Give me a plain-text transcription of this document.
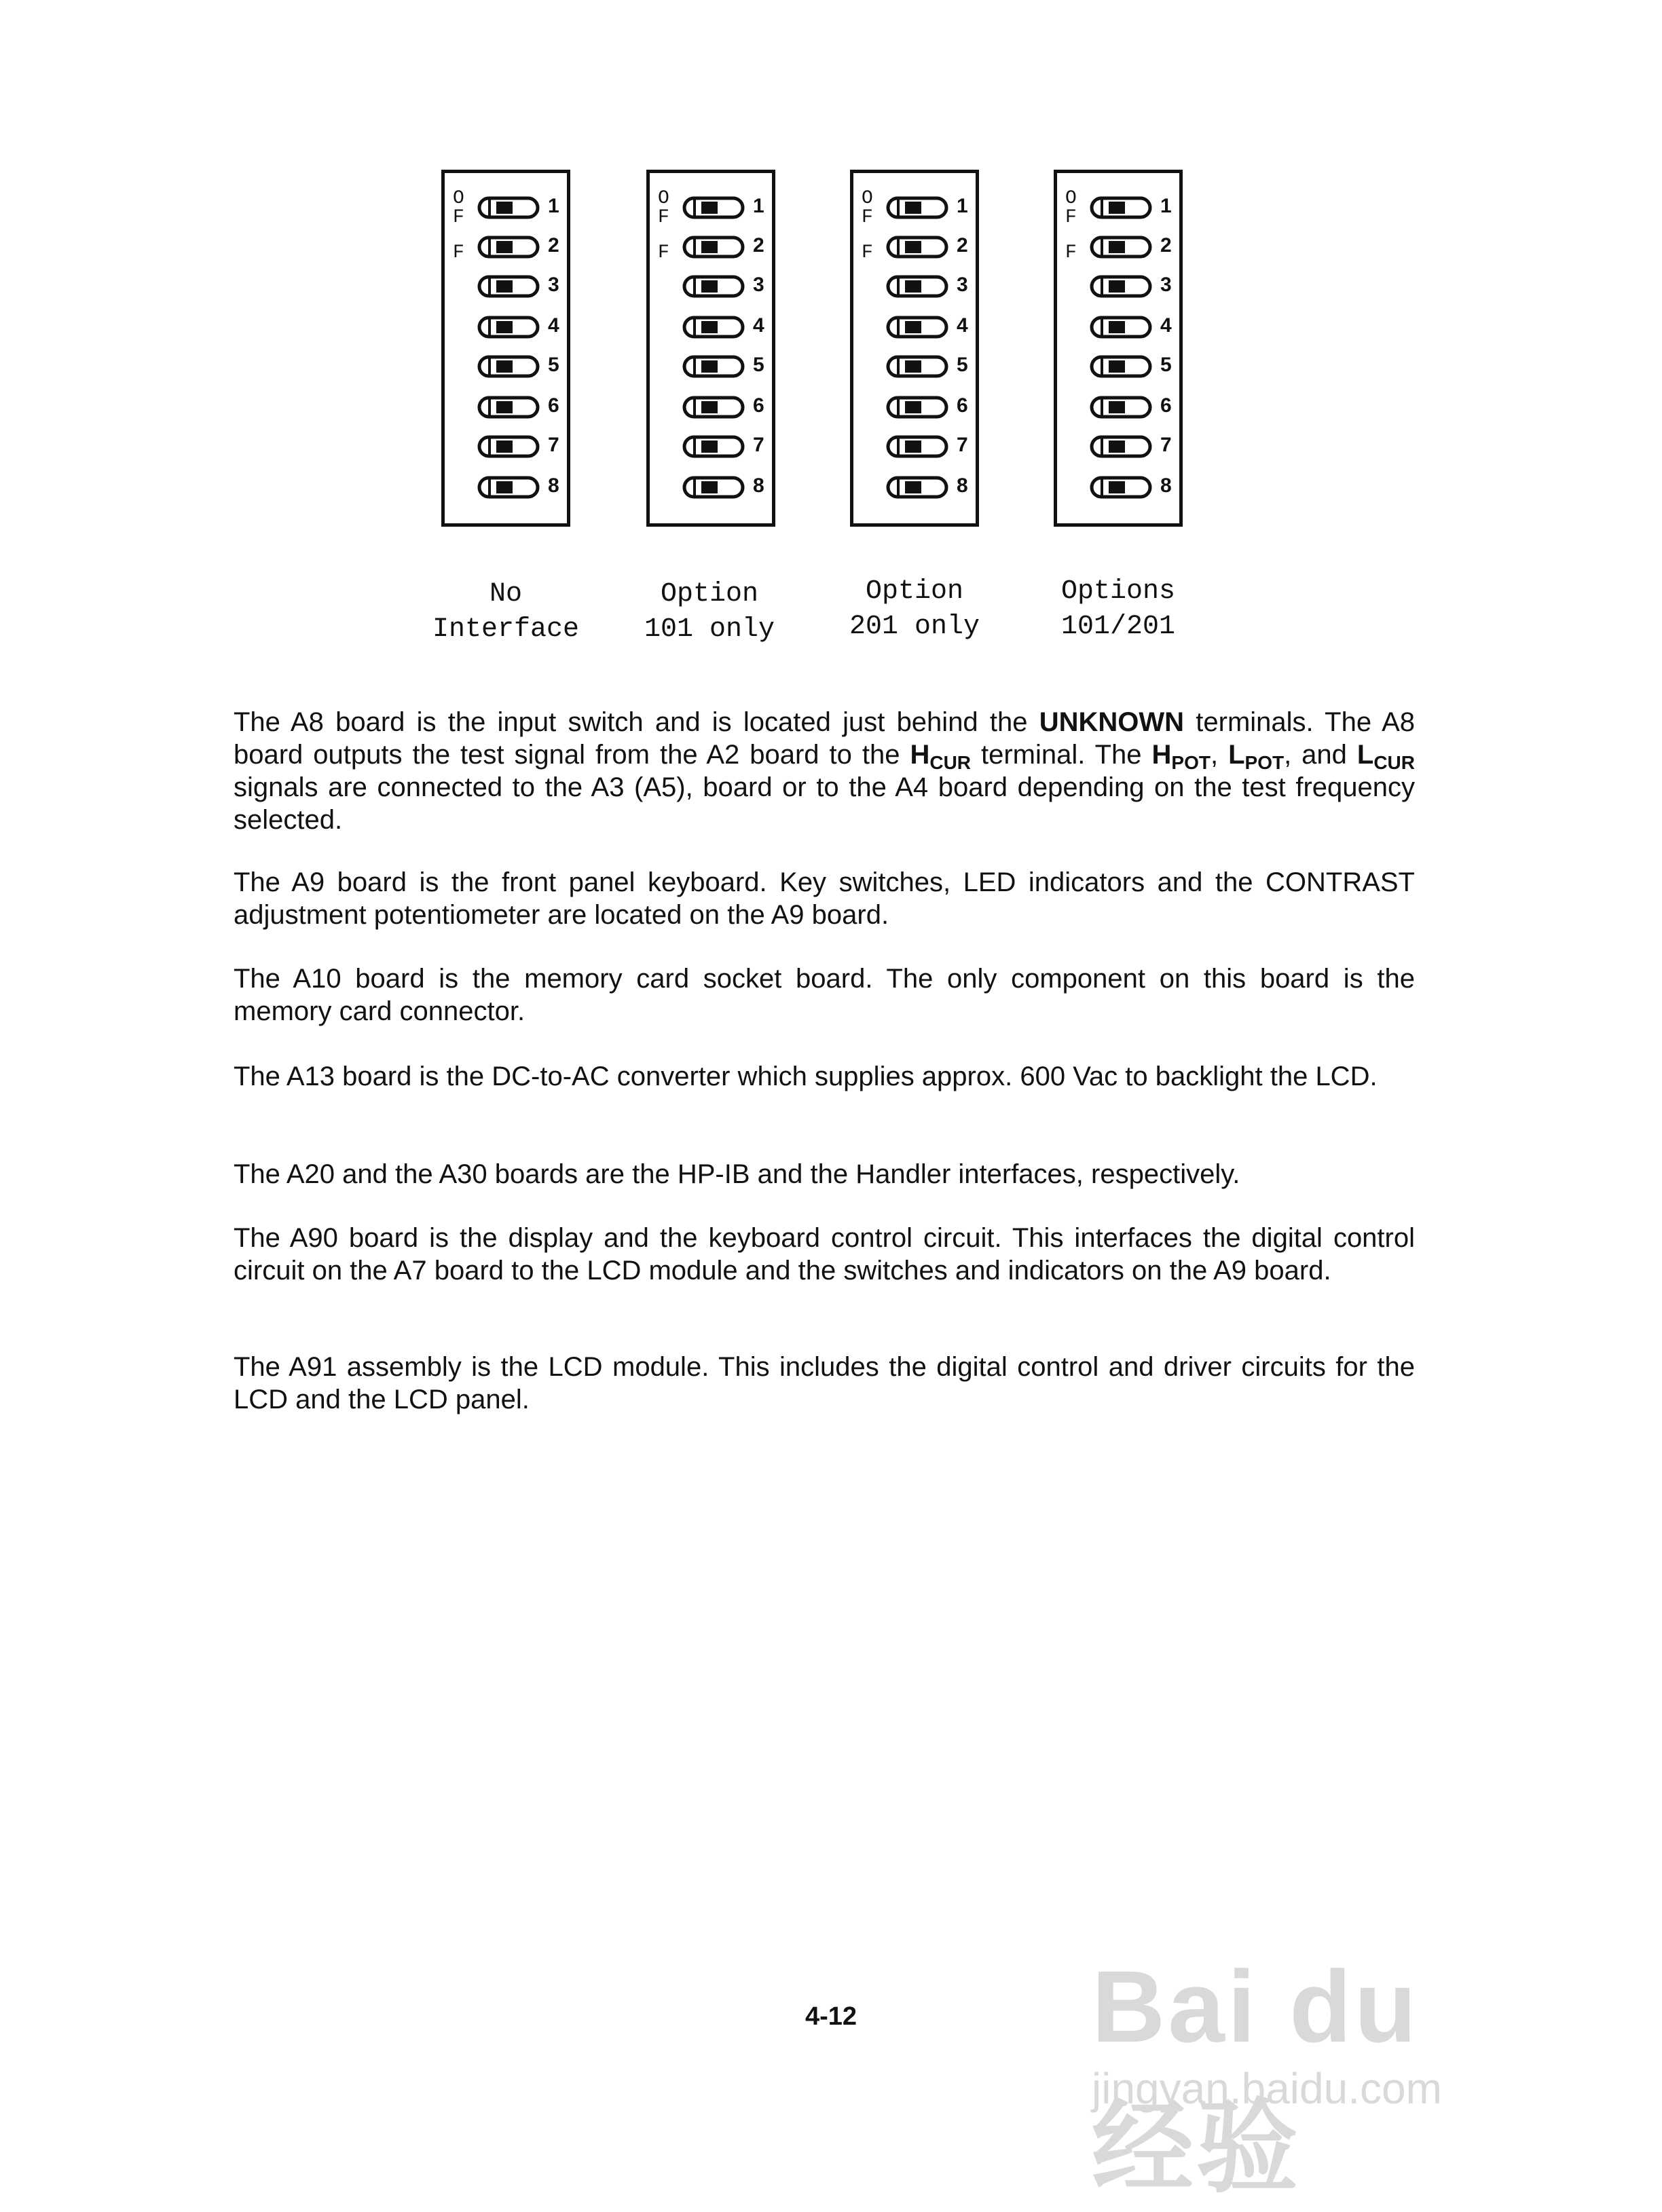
O
F
F
1
2
3
4
5
6
7
8
O
F
F
1
2
3
4
5
6
7
8
O
F
F
1
2
3
4
5
6
7
8
O
F
F
1
2
3
4
5
6
7
8
No
Interface
Option
101 only
Option
201 only
Options
101/201

The A8 board is the input switch and is located just behind the UNKNOWN terminals. The A8 board outputs the test signal from the A2 board to the $H_{CUR}$ terminal. The $H_{POT}$, $L_{POT}$, and $L_{CUR}$ signals are connected to the A3 (A5), board or to the A4 board depending on the test frequency selected.

The A9 board is the front panel keyboard. Key switches, LED indicators and the CONTRAST adjustment potentiometer are located on the A9 board.

The A10 board is the memory card socket board. The only component on this board is the memory card connector.

The A13 board is the DC-to-AC converter which supplies approx. 600 Vac to backlight the LCD.

The A20 and the A30 boards are the HP-IB and the Handler interfaces, respectively.

The A90 board is the display and the keyboard control circuit. This interfaces the digital control circuit on the A7 board to the LCD module and the switches and indicators on the A9 board.

The A91 assembly is the LCD module. This includes the digital control and driver circuits for the LCD and the LCD panel.

4-12	Bai du 经验
jingyan.baidu.com
